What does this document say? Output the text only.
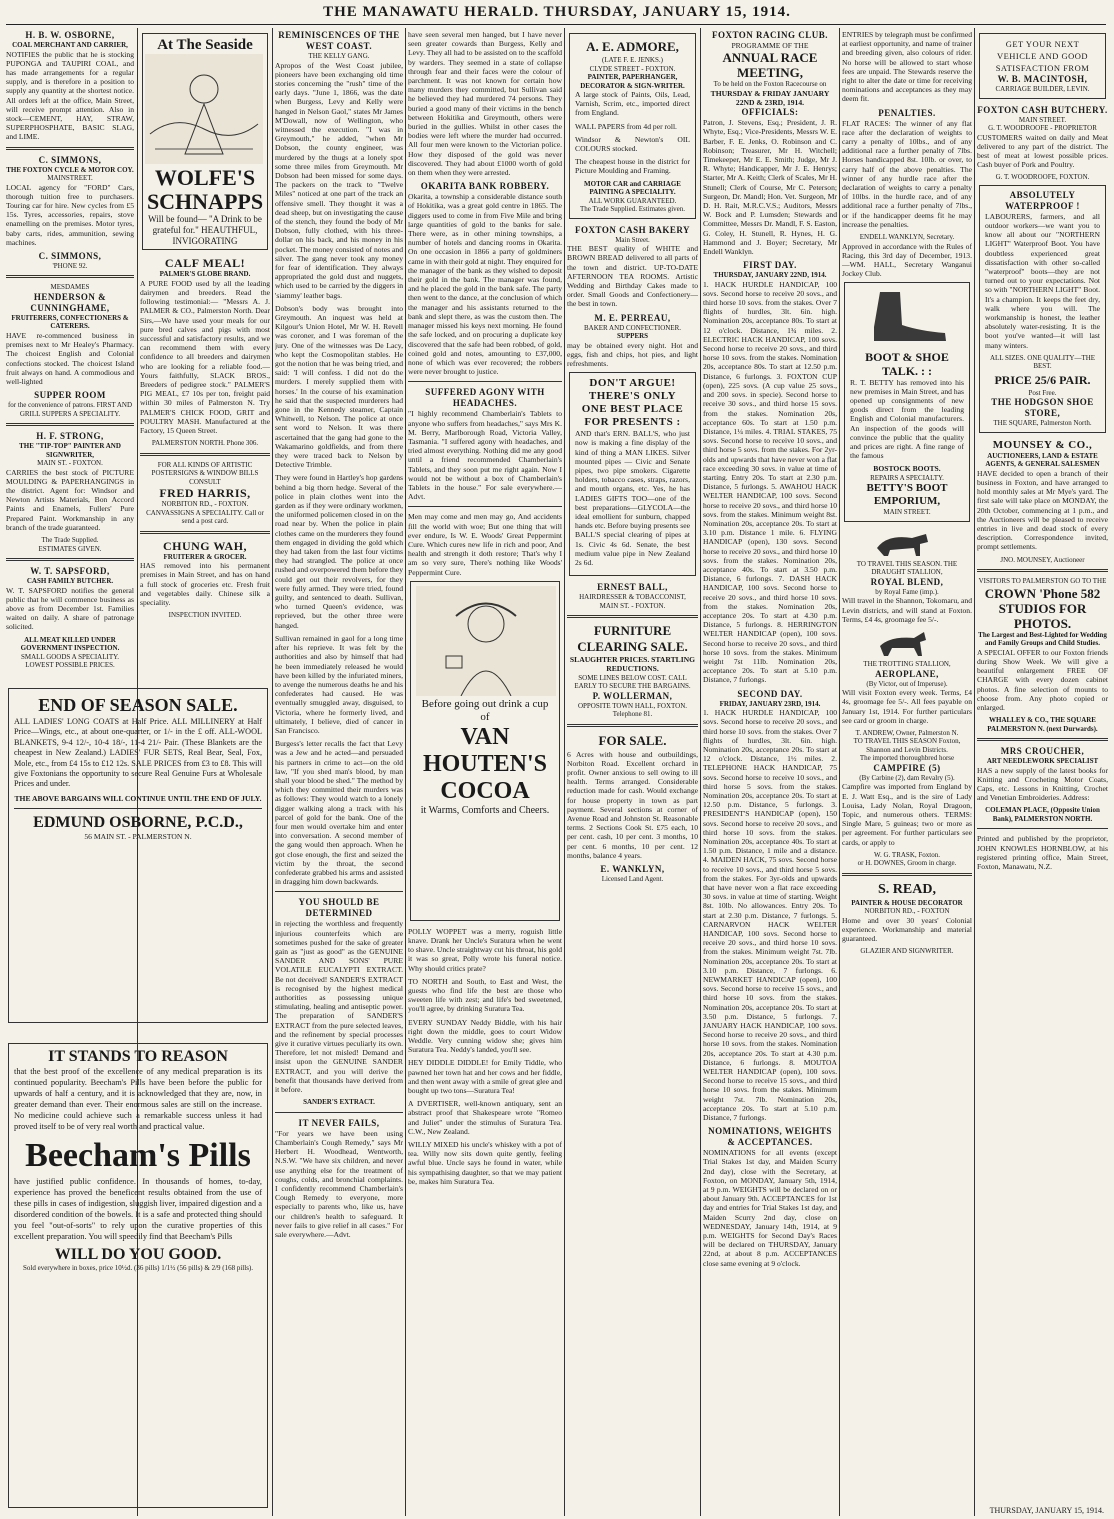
THE MANAWATU HERALD. THURSDAY, JANUARY 15, 1914.
H. B. W. OSBORNE,
COAL MERCHANT AND CARRIER,

NOTIFIES the public that he is stocking PUPONGA and TAUPIRI COAL, and has made arrangements for a regular supply, and is therefore in a position to supply any quantity at the shortest notice. All orders left at the office, Main Street, will receive prompt attention. Also in stock—CEMENT, HAY, STRAW, SUPERPHOSPHATE, BASIC SLAG, and LIME.

C. SIMMONS,
THE FOXTON CYCLE & MOTOR COY.
MAINSTREET.

LOCAL agency for "FORD" Cars, thorough tuition free to purchasers. Touring car for hire. New cycles from £5 15s. Tyres, accessories, repairs, stove enamelling on the premises. Motor tyres, baby carts, rides, ammunition, sewing machines.

C. SIMMONS,
'PHONE 92.
MESDAMES
HENDERSON & CUNNINGHAME,
FRUITERERS, CONFECTIONERS & CATERERS.

HAVE re-commenced business in premises next to Mr Healey's Pharmacy. The choicest English and Colonial confections stocked. The choicest Island fruit always on hand. A commodious and well-lighted

SUPPER ROOM
for the convenience of patrons. FIRST AND GRILL SUPPERS A SPECIALITY.
H. F. STRONG,
THE "TIP-TOP" PAINTER AND SIGNWRITER,
MAIN ST. - FOXTON.

CARRIES the best stock of PICTURE MOULDING & PAPERHANGINGS in the district. Agent for: Windsor and Newton Artists Materials, Bon Accord Paints and Enamels, Fullers' Pure Prepared Paint. Workmanship in any branch of the trade guaranteed.

The Trade Supplied.
ESTIMATES GIVEN.
W. T. SAPSFORD,
CASH FAMILY BUTCHER.

W. T. SAPSFORD notifies the general public that he will commence business as above as from December 1st. Families waited on daily. A share of patronage solicited.

ALL MEAT KILLED UNDER GOVERNMENT INSPECTION.
SMALL GOODS A SPECIALITY. LOWEST POSSIBLE PRICES.
At The Seaside
WOLFE'S SCHNAPPS
Will be found— "A Drink to be grateful for." HEAUTHFUL, INVIGORATING
CALF MEAL!
PALMER'S GLOBE BRAND.

A PURE FOOD used by all the leading dairymen and breeders. Read the following testimonial:— "Messrs A. J. PALMER & CO., Palmerston North. Dear Sirs,—We have used your meals for our pure bred calves and pigs with most successful and satisfactory results, and we can recommend them with every confidence to all breeders and dairymen who are looking for a reliable food.—Yours faithfully, SLACK BROS., Breeders of pedigree stock." PALMER'S PIG MEAL, £7 10s per ton, freight paid within 30 miles of Palmerston N. Try PALMER'S CHICK FOOD, GRIT and POULTRY MASH. Manufactured at the Factory, 15 Queen Street.

PALMERSTON NORTH. Phone 306.
FOR ALL KINDS OF ARTISTIC POSTERSIGNS & WINDOW BILLS CONSULT
FRED HARRIS,
NORBITON RD., - FOXTON.
CANVASSIGNS A SPECIALITY. Call or send a post card.
CHUNG WAH,
FRUITERER & GROCER.

HAS removed into his permanent premises in Main Street, and has on hand a full stock of groceries etc. Fresh fruit and vegetables daily. Chinese silk a speciality.

INSPECTION INVITED.
END OF SEASON SALE.

ALL LADIES' LONG COATS at Half Price. ALL MILLINERY at Half Price—Wings, etc., at about one-quarter, or 1/- in the £ off. ALL-WOOL BLANKETS, 9-4 12/-, 10-4 18/-, 11-4 21/- Pair. (These Blankets are the cheapest in New Zealand.) LADIES' FUR SETS, Real Bear, Seal, Fox, Mole, etc., from £4 15s to £12 12s. SALE PRICES from £3 to £8. This will give Foxtonians the opportunity to secure Real Genuine Furs at Wholesale Prices and under.

THE ABOVE BARGAINS WILL CONTINUE UNTIL THE END OF JULY.
EDMUND OSBORNE, P.C.D.,
56 MAIN ST. - PALMERSTON N.
IT STANDS TO REASON

that the best proof of the excellence of any medical preparation is its continued popularity. Beecham's Pills have been before the public for upwards of half a century, and it is acknowledged that they are, now, in greater demand than ever. Their enormous sales are still on the increase. No medicine could achieve such a remarkable success unless it had proved itself to be of very real worth and practical value.

Beecham's Pills

have justified public confidence. In thousands of homes, to-day, experience has proved the beneficent results obtained from the use of these pills in cases of indigestion, sluggish liver, impaired digestion and a disordered condition of the bowels. It is a safe and protected thing should you feel "out-of-sorts" to rely upon the curative properties of this excellent preparation. You will speedily find that Beecham's Pills

WILL DO YOU GOOD.
Sold everywhere in boxes, price 10½d. (36 pills) 1/1½ (56 pills) & 2/9 (168 pills).
REMINISCENCES OF THE WEST COAST.
THE KELLY GANG.

Apropos of the West Coast jubilee, pioneers have been exchanging old time stories concerning the "rush" time of the early days. "June 1, 1866, was the date when Burgess, Levy and Kelly were hanged in Nelson Gaol," states Mr James M'Dowall, now of Wellington, who witnessed the execution. "I was in Greymouth," he added, "when Mr Dobson, the county engineer, was murdered by the thugs at a lonely spot some three miles from Greymouth. Mr Dobson had been missed for some days. The packers on the track to "Twelve Miles" noticed at one part of the track an offensive smell. They thought it was a dead sheep, but on investigating the cause of the stench, they found the body of Mr Dobson, fully clothed, with his three-dollar on his back, and his money in his pocket. The money consisted of notes and silver. The gang never took any money for fear of identification. They always appropriated the gold dust and nuggets, which used to be carried by the diggers in 'siammy' leather bags.

Dobson's body was brought into Greymouth. An inquest was held at Kilgour's Union Hotel, Mr W. H. Revell was coroner, and I was foreman of the jury. One of the witnesses was De Lacy, who kept the Cosmopolitan stables. He got the notion that he was being tried, and said: 'I will confess. I did not do the murders. I merely supplied them with horses.' In the course of his examination he said that the suspected murderers had gone in the Kennedy steamer, Captain Whitwell, to Nelson. The police at once sent word to Nelson. It was there ascertained that the gang had gone to the Wakamarino goldfields, and from there they were traced back to Nelson by Detective Trimble.

They were found in Hartley's hop gardens behind a big thorn hedge. Several of the police in plain clothes went into the garden as if they were ordinary workmen, the uniformed policemen closed in on the road near by. When the police in plain clothes came on the murderers they found them engaged in dividing the gold which they had taken from the last four victims they had strangled. The police at once rushed and overpowered them before they could get out their revolvers, for they were fully armed. They were tried, found guilty, and sentenced to death. Sullivan, who turned Queen's evidence, was reprieved, but the other three were hanged.

Sullivan remained in gaol for a long time after his reprieve. It was felt by the authorities and also by himself that had he been immediately released he would have been killed by the infuriated miners, to avenge the numerous deaths he and his confederates had caused. He was eventually smuggled away, disguised, to Victoria, where he formerly lived, and ultimately, I believe, died of cancer in San Francisco.

Burgess's letter recalls the fact that Levy was a Jew and he acted—and persuaded his partners in crime to act—on the old law, "If you shed man's blood, by man shall your blood be shed." The method by which they committed their murders was as follows: They would watch to a lonely digger walking along a track with his parcel of gold for the bank. One of the four men would overtake him and enter into conversation. A second member of the gang would then approach. When he got close enough, the first and seized the victim by the throat, the second confederate grabbed his arms and assisted in dragging him down backwards.

YOU SHOULD BE DETERMINED

in rejecting the worthless and frequently injurious counterfeits which are sometimes pushed for the sake of greater gain as "just as good" as the GENUINE SANDER AND SONS' PURE VOLATILE EUCALYPTI EXTRACT. Be not deceived! SANDER'S EXTRACT is recognised by the highest medical authorities as possessing unique stimulating, healing and antiseptic power. The preparation of SANDER'S EXTRACT from the pure selected leaves, and the refinement by special processes give it curative virtues peculiarly its own. Therefore, let not misled! Demand and insist upon the GENUINE SANDER EXTRACT, and you will derive the benefit that thousands have derived from it before.

SANDER'S EXTRACT.
IT NEVER FAILS,

"For years we have been using Chamberlain's Cough Remedy," says Mr Herbert H. Woodhead, Wentworth, N.S.W. "We have six children, and never use anything else for the treatment of coughs, colds, and bronchial complaints. I confidently recommend Chamberlain's Cough Remedy to everyone, more especially to parents who, like us, have our children's health to safeguard. It never fails to give relief in all cases." For sale everywhere.—Advt.

have seen several men hanged, but I have never seen greater cowards than Burgess, Kelly and Levy. They all had to be assisted on to the scaffold by warders. They seemed in a state of collapse through fear and their faces were the colour of parchment. It was not known for certain how many murders they committed, but Sullivan said he believed they had murdered 74 persons. They buried a good many of their victims in the bench between Hokitika and Greymouth, others were buried in the gullies. Whilst in other cases the bodies were left where the murder had occurred. All four men were known to the Victorian police. How they disposed of the gold was never discovered. They had about £1000 worth of gold on them when they were arrested.

OKARITA BANK ROBBERY.

Okarita, a township a considerable distance south of Hokitika, was a great gold centre in 1865. The diggers used to come in from Five Mile and bring large quantities of gold to the banks for sale. There were, as in other mining townships, a number of hotels and dancing rooms in Okarita. On one occasion in 1866 a party of goldminers came in with their gold at night. They enquired for the manager of the bank as they wished to deposit their gold in the bank. The manager was found, and he placed the gold in the bank safe. The party then went to the dance, at the conclusion of which the manager and his assistants returned to the bank and slept there, as was the custom then. The manager missed his keys next morning. He found the safe locked, and on procuring a duplicate key discovered that the safe had been robbed, of gold, coined gold and notes, amounting to £37,000, none of which was ever recovered; the robbers were never brought to justice.

SUFFERED AGONY WITH HEADACHES.

"I highly recommend Chamberlain's Tablets to anyone who suffers from headaches," says Mrs K. M. Berry, Marlborough Road, Victoria Valley, Tasmania. "I suffered agony with headaches, and tried almost everything. Nothing did me any good until a friend recommended Chamberlain's Tablets, and they soon put me right again. Now I would not be without a box of Chamberlain's Tablets in the house." For sale everywhere.—Advt.

Men may come and men may go, And accidents fill the world with woe; But one thing that will ever endure, Is W. E. Woods' Great Peppermint Cure. Which cures new life in rich and poor, And health and strength it doth restore; That's why I am so very sure, There's nothing like Woods' Peppermint Cure.

Before going out drink a cup of
VAN HOUTEN'S COCOA
it Warms, Comforts and Cheers.

POLLY WOPPET was a merry, roguish little knave. Drank her Uncle's Suratura when he went to shave. Uncle straightway cut his throat, his gold it was so great, Polly wrote his funeral notice. Why should critics prate?

TO NORTH and South, to East and West, the guests who find life the best are those who sweeten life with zest; and life's bed sweetened, you'll agree, by drinking Suratura Tea.

EVERY SUNDAY Neddy Biddle, with his hair right down the middle, goes to court Widow Weddle. Very cunning widow she; gives him Suratura Tea. Neddy's landed, you'll see.

HEY DIDDLE DIDDLE! for Emily Tiddle, who pawned her town hat and her cows and her fiddle, and then went away with a smile of great glee and bought up two tons—Suratura Tea!

A DVERTISER, well-known antiquary, sent an abstract proof that Shakespeare wrote "Romeo and Juliet" under the stimulus of Suratura Tea. C.W., New Zealand.

WILLY MIXED his uncle's whiskey with a pot of tea. Willy now sits down quite gently, feeling awful blue. Uncle says he found in water, while his sympathising daughter, so that we may patient be, makes him Suratura Tea.

A. E. ADMORE,
(LATE F. E. JENKS.)
CLYDE STREET - FOXTON.
PAINTER, PAPERHANGER, DECORATOR & SIGN-WRITER.

A large stock of Paints, Oils, Lead, Varnish, Scrim, etc., imported direct from England.

WALL PAPERS from 4d per roll.

Windsor & Newton's OIL COLOURS stocked.

The cheapest house in the district for Picture Moulding and Framing.

MOTOR CAR and CARRIAGE PAINTING A SPECIALITY.
ALL WORK GUARANTEED.
The Trade Supplied. Estimates given.
FOXTON CASH BAKERY
Main Street.

THE BEST quality of WHITE and BROWN BREAD delivered to all parts of the town and district. UP-TO-DATE AFTERNOON TEA ROOMS. Artistic Wedding and Birthday Cakes made to order. Small Goods and Confectionery—the best in town.

M. E. PERREAU,
BAKER AND CONFECTIONER.
SUPPERS

may be obtained every night. Hot and eggs, fish and chips, hot pies, and light refreshments.

DON'T ARGUE! THERE'S ONLY ONE BEST PLACE FOR PRESENTS :

AND that's ERN. BALL'S, who just now is making a fine display of the kind of thing a MAN LIKES. Silver mounted pipes — Civic and Senate pipes, two pipe smokers. Cigarette holders, tobacco cases, straps, razors, and mouth organs, etc. Yes, he has LADIES GIFTS TOO—one of the best preparations—GLYCOLA—the ideal emollient for sunburn, chapped hands etc. Before buying presents see BALL'S special clearing of pipes at 1s. Civic 4s 6d. Senate, the best medium value pipe in New Zealand 2s 6d.

ERNEST BALL,
HAIRDRESSER & TOBACCONIST,
MAIN ST. - FOXTON.
FURNITURE CLEARING SALE.
SLAUGHTER PRICES. STARTLING REDUCTIONS.
SOME LINES BELOW COST. CALL EARLY TO SECURE THE BARGAINS.
P. WOLLERMAN,
OPPOSITE TOWN HALL, FOXTON.
Telephone 81.
FOR SALE.

6 Acres with house and outbuildings, Norbiton Road. Excellent orchard in profit. Owner anxious to sell owing to ill health. Terms arranged. Considerable reduction made for cash. Would exchange for house property in town as part payment. Several sections at corner of Avenue Road and Johnston St. Reasonable terms. 2 Sections Cook St. £75 each, 10 per cent. cash, 10 per cent. 3 months, 10 per cent. 6 months, 10 per cent. 12 months, balance 4 years.

E. WANKLYN,
Licensed Land Agent.
FOXTON RACING CLUB.
PROGRAMME OF THE
ANNUAL RACE MEETING,
To be held on the Foxton Racecourse on
THURSDAY & FRIDAY JANUARY 22ND & 23RD, 1914.
OFFICIALS:

Patron, J. Stevens, Esq.; President, J. R. Whyte, Esq.; Vice-Presidents, Messrs W. E. Barber, F. E. Jenks, O. Robinson and C. Robinson; Treasurer, Mr H. Witchell; Timekeeper, Mr E. E. Smith; Judge, Mr J. R. Whyte; Handicapper, Mr J. E. Henrys; Starter, Mr A. Keith; Clerk of Scales, Mr H. Stunell; Clerk of Course, Mr C. Peterson; Surgeon, Dr. Mandl; Hon. Vet. Surgeon, Mr D. H. Rait, M.R.C.V.S.; Auditors, Messrs W. Bock and P. Lumsden; Stewards and Committee, Messrs Dr. Mandl, F. S. Easton, G. Coley, H. Stunell, R. Hynes, H. G. Hammond and J. Boyer; Secretary, Mr Endell Wanklyn.

FIRST DAY.
THURSDAY, JANUARY 22ND, 1914.

1. HACK HURDLE HANDICAP, 100 sovs. Second horse to receive 20 sovs., and third horse 10 sovs. from the stakes. Over 7 flights of hurdles, 3lt. 6in. high. Nomination 20s, acceptance 80s. To start at 12 o'clock. Distance, 1¾ miles. 2. ELECTRIC HACK HANDICAP, 100 sovs. Second horse to receive 20 sovs., and third horse 10 sovs. from the stakes. Nomination 20s, acceptance 80s. To start at 12.50 p.m. Distance, 6 furlongs. 3. FOXTON CUP (open), 225 sovs. (A cup value 25 sovs., and 200 sovs. in specie). Second horse to receive 30 sovs., and third horse 15 sovs. from the stakes. Nomination 20s, acceptance 60s. To start at 1.50 p.m. Distance, 1¼ miles. 4. TRIAL STAKES, 75 sovs. Second horse to receive 10 sovs., and third horse 5 sovs. from the stakes. For 2yr-olds and upwards that have never won a flat race exceeding 30 sovs. in value at time of starting. Entry 20s. To start at 2.30 p.m. Distance, 5 furlongs. 5. AWAHOU HACK WELTER HANDICAP, 100 sovs. Second horse to receive 20 sovs., and third horse 10 sovs. from the stakes. Minimum weight 8st. Nomination 20s, acceptance 20s. To start at 3.10 p.m. Distance 1 mile. 6. FLYING HANDICAP (open), 130 sovs. Second horse to receive 20 sovs., and third horse 10 sovs. from the stakes. Nomination 20s, acceptance 40s. To start at 3.50 p.m. Distance, 6 furlongs. 7. DASH HACK HANDICAP, 100 sovs. Second horse to receive 20 sovs., and third horse 10 sovs. from the stakes. Nomination 20s, acceptance 20s. To start at 4.30 p.m. Distance, 5 furlongs. 8. HERRINGTON WELTER HANDICAP (open), 100 sovs. Second horse to receive 20 sovs., and third horse 10 sovs. from the stakes. Minimum weight 7st 11lb. Nomination 20s, acceptance 20s. To start at 5.10 p.m. Distance, 7 furlongs.

SECOND DAY.
FRIDAY, JANUARY 23RD, 1914.

1. HACK HURDLE HANDICAP, 100 sovs. Second horse to receive 20 sovs., and third horse 10 sovs. from the stakes. Over 7 flights of hurdles, 3lt. 6in. high. Nomination 20s, acceptance 20s. To start at 12 o'clock. Distance, 1½ miles. 2. TELEPHONE HACK HANDICAP, 75 sovs. Second horse to receive 10 sovs., and third horse 5 sovs. from the stakes. Nomination 20s, acceptance 20s. To start at 12.50 p.m. Distance, 5 furlongs. 3. PRESIDENT'S HANDICAP (open), 150 sovs. Second horse to receive 20 sovs., and third horse 10 sovs. from the stakes. Nomination 20s, acceptance 40s. To start at 1.50 p.m. Distance, 1 mile and a distance. 4. MAIDEN HACK, 75 sovs. Second horse to receive 10 sovs., and third horse 5 sovs. from the stakes. For 3yr-olds and upwards that have never won a flat race exceeding 30 sovs. in value at time of starting. Weight 8st. 10lb. No allowances. Entry 20s. To start at 2.30 p.m. Distance, 7 furlongs. 5. CARNARVON HACK WELTER HANDICAP, 100 sovs. Second horse to receive 20 sovs., and third horse 10 sovs. from the stakes. Minimum weight 7st. 7lb. Nomination 20s, acceptance 20s. To start at 3.10 p.m. Distance, 7 furlongs. 6. NEWMARKET HANDICAP (open), 100 sovs. Second horse to receive 15 sovs., and third horse 10 sovs. from the stakes. Nomination 20s, acceptance 20s. To start at 3.50 p.m. Distance, 5 furlongs. 7. JANUARY HACK HANDICAP, 100 sovs. Second horse to receive 20 sovs., and third horse 10 sovs. from the stakes. Nomination 20s, acceptance 20s. To start at 4.30 p.m. Distance, 6 furlongs. 8. MOUTOA WELTER HANDICAP (open), 100 sovs. Second horse to receive 15 sovs., and third horse 10 sovs. from the stakes. Minimum weight 7st. 7lb. Nomination 20s, acceptance 20s. To start at 5.10 p.m. Distance, 7 furlongs.

NOMINATIONS, WEIGHTS & ACCEPTANCES.

NOMINATIONS for all events (except Trial Stakes 1st day, and Maiden Scurry 2nd day), close with the Secretary, at Foxton, on MONDAY, January 5th, 1914, at 9 p.m. WEIGHTS will be declared on or about January 9th. ACCEPTANCES for 1st day and entries for Trial Stakes 1st day, and Maiden Scurry 2nd day, close on WEDNESDAY, January 14th, 1914, at 9 p.m. WEIGHTS for Second Day's Races will be declared on THURSDAY, January 22nd, at about 8 p.m. ACCEPTANCES close same evening at 9 o'clock.

ENTRIES by telegraph must be confirmed at earliest opportunity, and name of trainer and breeding given, also colours of rider. No horse will be allowed to start whose fees are unpaid. The Stewards reserve the right to alter the date or time for receiving nominations and acceptances as they may deem fit.

PENALTIES.

FLAT RACES: The winner of any flat race after the declaration of weights to carry a penalty of 10lbs., and of any additional race a further penalty of 7lbs. Horses handicapped 8st. 10lb. or over, to carry half of the above penalties. The winner of any hurdle race after the declaration of weights to carry a penalty of 10lbs. in the hurdle race, and of any additional race a further penalty of 7lbs., or if the handicapper deems fit he may increase the penalties.

ENDELL WANKLYN, Secretary.

Approved in accordance with the Rules of Racing, this 3rd day of December, 1913.—WM. HALL, Secretary Wanganui Jockey Club.

BOOT & SHOE TALK. : :

R. T. BETTY has removed into his new premises in Main Street, and has opened up consignments of new goods direct from the leading English and Colonial manufacturers. An inspection of the goods will convince the public that the quality and prices are right. A fine range of the famous

BOSTOCK BOOTS.
REPAIRS A SPECIALTY.
BETTY'S BOOT EMPORIUM,
MAIN STREET.
TO TRAVEL THIS SEASON. THE DRAUGHT STALLION,
ROYAL BLEND,
by Royal Fame (imp.).

Will travel in the Shannon, Tokomaru, and Levin districts, and will stand at Foxton. Terms, £4 4s, groomage fee 5/-.

THE TROTTING STALLION,
AEROPLANE,
(By Victor, out of Imperuse).

Will visit Foxton every week. Terms, £4 4s, groomage fee 5/-. All fees payable on January 1st, 1914. For further particulars see card or groom in charge.

T. ANDREW, Owner, Palmerston N.
TO TRAVEL THIS SEASON Foxton, Shannon and Levin Districts.
The imported thoroughbred horse
CAMPFIRE (5)
(By Carbine (2), dam Revalry (5).

Campfire was imported from England by E. J. Watt Esq., and is the sire of Lady Louisa, Lady Nolan, Royal Dragoon, Topic, and numerous others. TERMS: Single Mare, 5 guineas; two or more as per agreement. For further particulars see cards, or apply to

W. G. TRASK, Foxton.
or H. DOWNES, Groom in charge.
S. READ,
PAINTER & HOUSE DECORATOR
NORBITON RD., - FOXTON

Home and over 30 years' Colonial experience. Workmanship and material guaranteed.

GLAZIER AND SIGNWRITER.
GET YOUR NEXT VEHICLE AND GOOD SATISFACTION FROM
W. B. MACINTOSH,
CARRIAGE BUILDER, LEVIN.
FOXTON CASH BUTCHERY.
MAIN STREET.
G. T. WOODROOFE - PROPRIETOR

CUSTOMERS waited on daily and Meat delivered to any part of the district. The best of meat at lowest possible prices. Cash buyer of Pork and Poultry.

G. T. WOODROOFE, FOXTON.
ABSOLUTELY WATERPROOF !

LABOURERS, farmers, and all outdoor workers—we want you to know all about our "NORTHERN LIGHT" Waterproof Boot. You have doubtless experienced great dissatisfaction with other so-called "waterproof" boots—they are not turned out to your expectations. Not so with "NORTHERN LIGHT" Boot. It's a champion. It keeps the feet dry, walk where you will. The workmanship is honest, the leather absolutely water-resisting. It is the boot you've wanted—it will last many winters.

ALL SIZES. ONE QUALITY—THE BEST.
PRICE 25/6 PAIR.
Post Free.
THE HODGSON SHOE STORE,
THE SQUARE, Palmerston North.
MOUNSEY & CO.,
AUCTIONEERS, LAND & ESTATE AGENTS, & GENERAL SALESMEN

HAVE decided to open a branch of their business in Foxton, and have arranged to hold monthly sales at Mr Mye's yard. The first sale will take place on MONDAY, the 20th October, commencing at 1 p.m., and the Auctioneers will be pleased to receive entries in live and dead stock of every description. Correspondence invited, prompt settlements.

JNO. MOUNSEY, Auctioneer
VISITORS TO PALMERSTON GO TO THE
CROWN 'Phone 582 STUDIOS FOR PHOTOS.
The Largest and Best-Lighted for Wedding and Family Groups and Child Studies.

A SPECIAL OFFER to our Foxton friends during Show Week. We will give a beautiful enlargement FREE OF CHARGE with every dozen cabinet photos. A fine selection of mounts to choose from. Any photo copied or enlarged.

WHALLEY & CO., THE SQUARE PALMERSTON N. (next Durwards).
MRS CROUCHER,
ART NEEDLEWORK SPECIALIST

HAS a new supply of the latest books for Knitting and Crocheting Motor Coats, Caps, etc. Lessons in Knitting, Crochet and Venetian Embroideries. Address:

COLEMAN PLACE, (Opposite Union Bank), PALMERSTON NORTH.

Printed and published by the proprietor, JOHN KNOWLES HORNBLOW, at his registered printing office, Main Street, Foxton, Manawatu, N.Z.

THURSDAY, JANUARY 15, 1914.
